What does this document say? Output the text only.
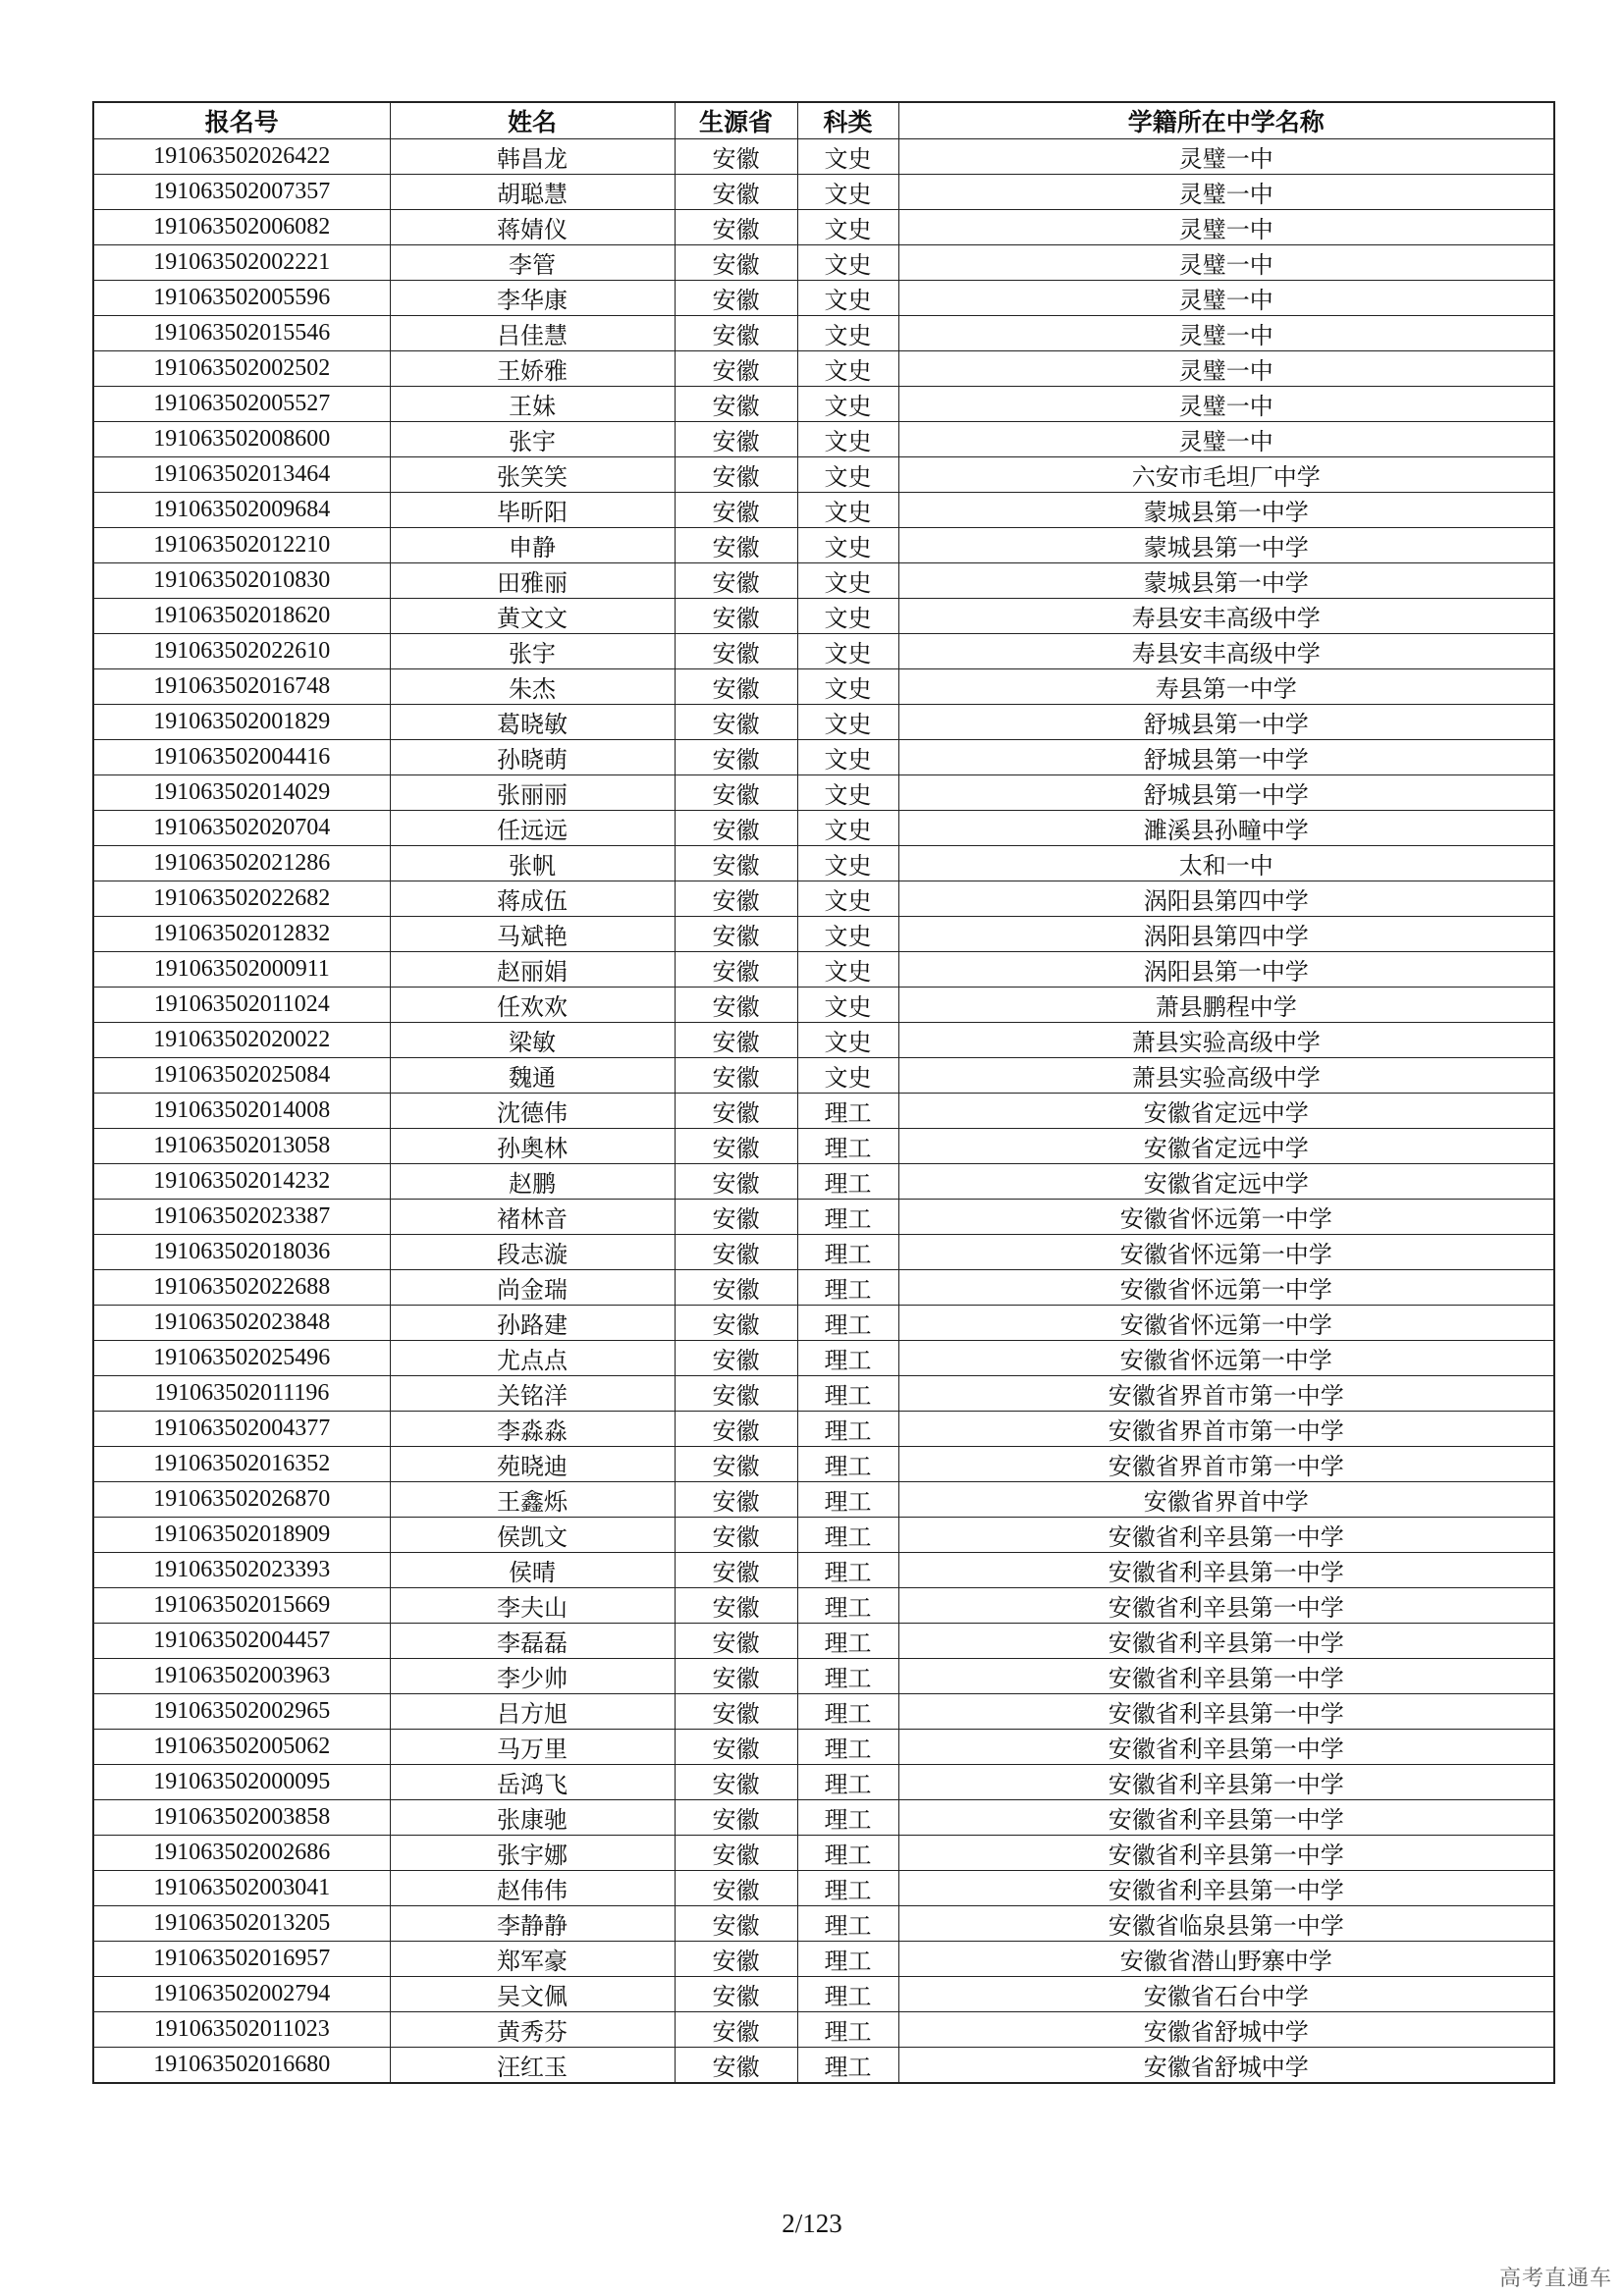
报名号	姓名	生源省	科类	学籍所在中学名称
191063502026422	韩昌龙	安徽	文史	灵璧一中
191063502007357	胡聪慧	安徽	文史	灵璧一中
191063502006082	蒋婧仪	安徽	文史	灵璧一中
191063502002221	李管	安徽	文史	灵璧一中
191063502005596	李华康	安徽	文史	灵璧一中
191063502015546	吕佳慧	安徽	文史	灵璧一中
191063502002502	王娇雅	安徽	文史	灵璧一中
191063502005527	王妹	安徽	文史	灵璧一中
191063502008600	张宇	安徽	文史	灵璧一中
191063502013464	张笑笑	安徽	文史	六安市毛坦厂中学
191063502009684	毕昕阳	安徽	文史	蒙城县第一中学
191063502012210	申静	安徽	文史	蒙城县第一中学
191063502010830	田雅丽	安徽	文史	蒙城县第一中学
191063502018620	黄文文	安徽	文史	寿县安丰高级中学
191063502022610	张宇	安徽	文史	寿县安丰高级中学
191063502016748	朱杰	安徽	文史	寿县第一中学
191063502001829	葛晓敏	安徽	文史	舒城县第一中学
191063502004416	孙晓萌	安徽	文史	舒城县第一中学
191063502014029	张丽丽	安徽	文史	舒城县第一中学
191063502020704	任远远	安徽	文史	濉溪县孙疃中学
191063502021286	张帆	安徽	文史	太和一中
191063502022682	蒋成伍	安徽	文史	涡阳县第四中学
191063502012832	马斌艳	安徽	文史	涡阳县第四中学
191063502000911	赵丽娟	安徽	文史	涡阳县第一中学
191063502011024	任欢欢	安徽	文史	萧县鹏程中学
191063502020022	梁敏	安徽	文史	萧县实验高级中学
191063502025084	魏通	安徽	文史	萧县实验高级中学
191063502014008	沈德伟	安徽	理工	安徽省定远中学
191063502013058	孙奥林	安徽	理工	安徽省定远中学
191063502014232	赵鹏	安徽	理工	安徽省定远中学
191063502023387	褚林音	安徽	理工	安徽省怀远第一中学
191063502018036	段志漩	安徽	理工	安徽省怀远第一中学
191063502022688	尚金瑞	安徽	理工	安徽省怀远第一中学
191063502023848	孙路建	安徽	理工	安徽省怀远第一中学
191063502025496	尤点点	安徽	理工	安徽省怀远第一中学
191063502011196	关铭洋	安徽	理工	安徽省界首市第一中学
191063502004377	李淼淼	安徽	理工	安徽省界首市第一中学
191063502016352	苑晓迪	安徽	理工	安徽省界首市第一中学
191063502026870	王鑫烁	安徽	理工	安徽省界首中学
191063502018909	侯凯文	安徽	理工	安徽省利辛县第一中学
191063502023393	侯晴	安徽	理工	安徽省利辛县第一中学
191063502015669	李夫山	安徽	理工	安徽省利辛县第一中学
191063502004457	李磊磊	安徽	理工	安徽省利辛县第一中学
191063502003963	李少帅	安徽	理工	安徽省利辛县第一中学
191063502002965	吕方旭	安徽	理工	安徽省利辛县第一中学
191063502005062	马万里	安徽	理工	安徽省利辛县第一中学
191063502000095	岳鸿飞	安徽	理工	安徽省利辛县第一中学
191063502003858	张康驰	安徽	理工	安徽省利辛县第一中学
191063502002686	张宇娜	安徽	理工	安徽省利辛县第一中学
191063502003041	赵伟伟	安徽	理工	安徽省利辛县第一中学
191063502013205	李静静	安徽	理工	安徽省临泉县第一中学
191063502016957	郑军豪	安徽	理工	安徽省潜山野寨中学
191063502002794	吴文佩	安徽	理工	安徽省石台中学
191063502011023	黄秀芬	安徽	理工	安徽省舒城中学
191063502016680	汪红玉	安徽	理工	安徽省舒城中学
2/123
高考直通车
